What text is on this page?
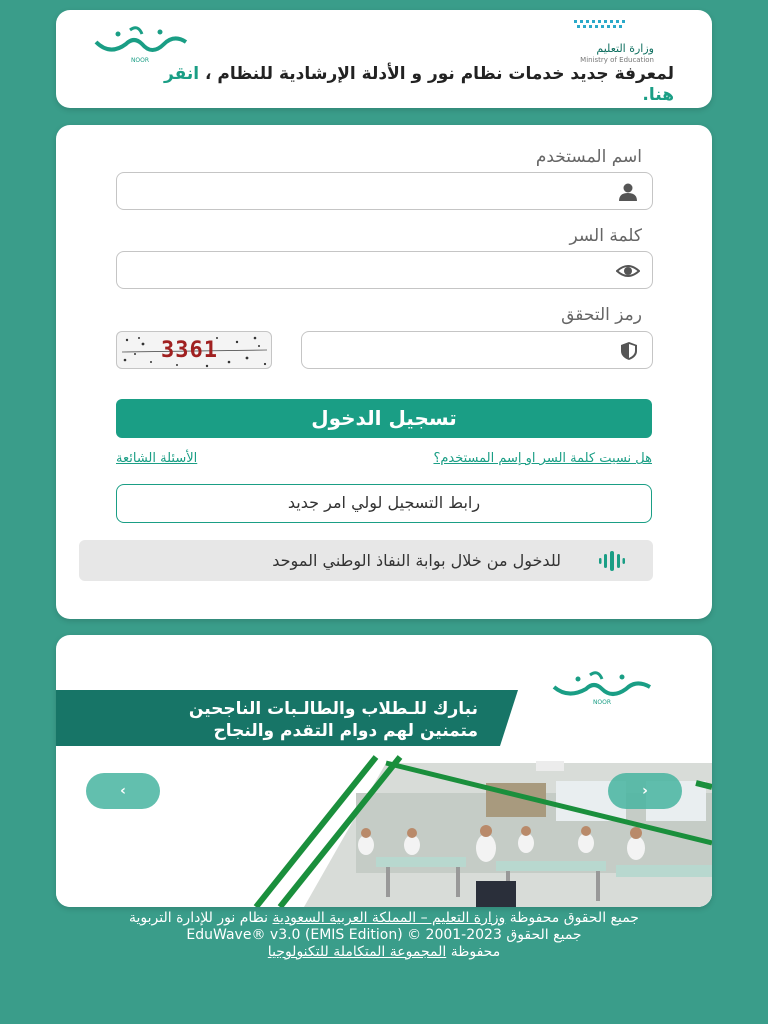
NOOR
وزارة التعليم
Ministry of Education
لمعرفة جديد خدمات نظام نور و الأدلة الإرشادية للنظام ، انقر هنا.
اسم المستخدم
كلمة السر
رمز التحقق
3361
تسجيل الدخول
هل نسيت كلمة السر او إسم المستخدم؟
الأسئلة الشائعة
رابط التسجيل لولي امر جديد
للدخول من خلال بوابة النفاذ الوطني الموحد
NOOR
نبارك للـطلاب والطالـبات الناجحين
متمنين لهم دوام التقدم والنجاح
‹	›
جميع الحقوق محفوظة وزارة التعليم – المملكة العربية السعودية نظام نور للإدارة التربوية
جميع الحقوق EduWave® v3.0 (EMIS Edition) © 2001-2023
محفوظة المجموعة المتكاملة للتكنولوجيا
